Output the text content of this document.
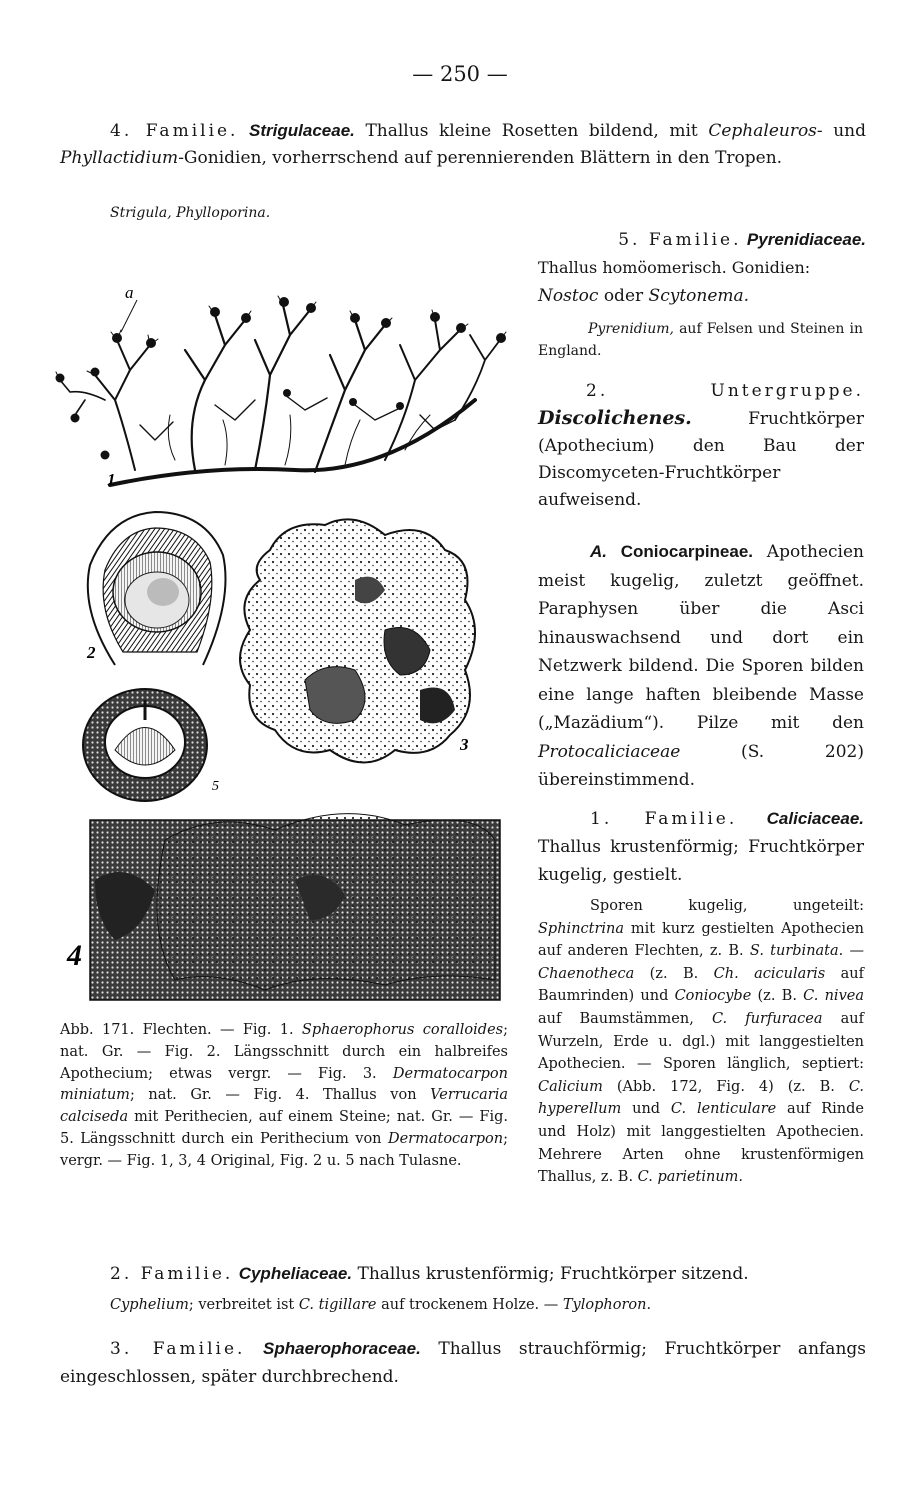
— 250 —
4. Familie. Strigulaceae. Thallus kleine Rosetten bildend, mit Cephaleuros- und Phyllactidium-Gonidien, vorherrschend auf perennierenden Blättern in den Tropen.
Strigula, Phylloporina.
5. Familie. Pyrenidiaceae.
Thallus homöomerisch. Gonidien:
Nostoc oder Scytonema.
Pyrenidium, auf Felsen und Steinen in England.
2. Untergruppe. Discolichenes. Fruchtkörper (Apothecium) den Bau der Discomyceten-Fruchtkörper aufweisend.
A. Coniocarpineae. Apothecien meist kugelig, zuletzt geöffnet. Paraphysen über die Asci hinauswachsend und dort ein Netzwerk bildend. Die Sporen bilden eine lange haften bleibende Masse („Mazädium“). Pilze mit den Protocaliciaceae (S. 202) übereinstimmend.
1. Familie. Caliciaceae. Thallus krustenförmig; Fruchtkörper kugelig, gestielt.
Sporen kugelig, ungeteilt: Sphinctrina mit kurz gestielten Apothecien auf anderen Flechten, z. B. S. turbinata. — Chaenotheca (z. B. Ch. acicularis auf Baumrinden) und Coniocybe (z. B. C. nivea auf Baumstämmen, C. furfuracea auf Wurzeln, Erde u. dgl.) mit langgestielten Apothecien. — Sporen länglich, septiert: Calicium (Abb. 172, Fig. 4) (z. B. C. hyperellum und C. lenticulare auf Rinde und Holz) mit langgestielten Apothecien. Mehrere Arten ohne krustenförmigen Thallus, z. B. C. parietinum.
a
1
2
3
4
5
Abb. 171. Flechten. — Fig. 1. Sphaerophorus coralloides; nat. Gr. — Fig. 2. Längsschnitt durch ein halbreifes Apothecium; etwas vergr. — Fig. 3. Dermatocarpon miniatum; nat. Gr. — Fig. 4. Thallus von Verrucaria calciseda mit Perithecien, auf einem Steine; nat. Gr. — Fig. 5. Längsschnitt durch ein Perithecium von Dermatocarpon; vergr. — Fig. 1, 3, 4 Original, Fig. 2 u. 5 nach Tulasne.
2. Familie. Cypheliaceae. Thallus krustenförmig; Fruchtkörper sitzend.
Cyphelium; verbreitet ist C. tigillare auf trockenem Holze. — Tylophoron.
3. Familie. Sphaerophoraceae. Thallus strauchförmig; Fruchtkörper anfangs eingeschlossen, später durchbrechend.
